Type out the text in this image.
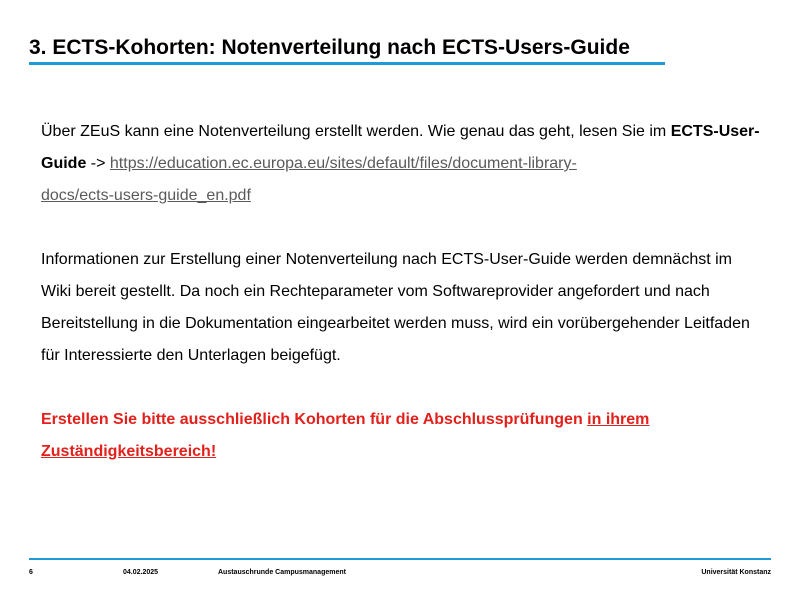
3. ECTS-Kohorten: Notenverteilung nach ECTS-Users-Guide

Über ZEuS kann eine Notenverteilung erstellt werden. Wie genau das geht, lesen Sie im ECTS-User-Guide -> https://education.ec.europa.eu/sites/default/files/document-library-
docs/ects-users-guide_en.pdf

Informationen zur Erstellung einer Notenverteilung nach ECTS-User-Guide werden demnächst im Wiki bereit gestellt. Da noch ein Rechteparameter vom Softwareprovider angefordert und nach Bereitstellung in die Dokumentation eingearbeitet werden muss, wird ein vorübergehender Leitfaden für Interessierte den Unterlagen beigefügt.

Erstellen Sie bitte ausschließlich Kohorten für die Abschlussprüfungen in ihrem Zuständigkeitsbereich!

6	04.02.2025	Austauschrunde Campusmanagement	Universität Konstanz
